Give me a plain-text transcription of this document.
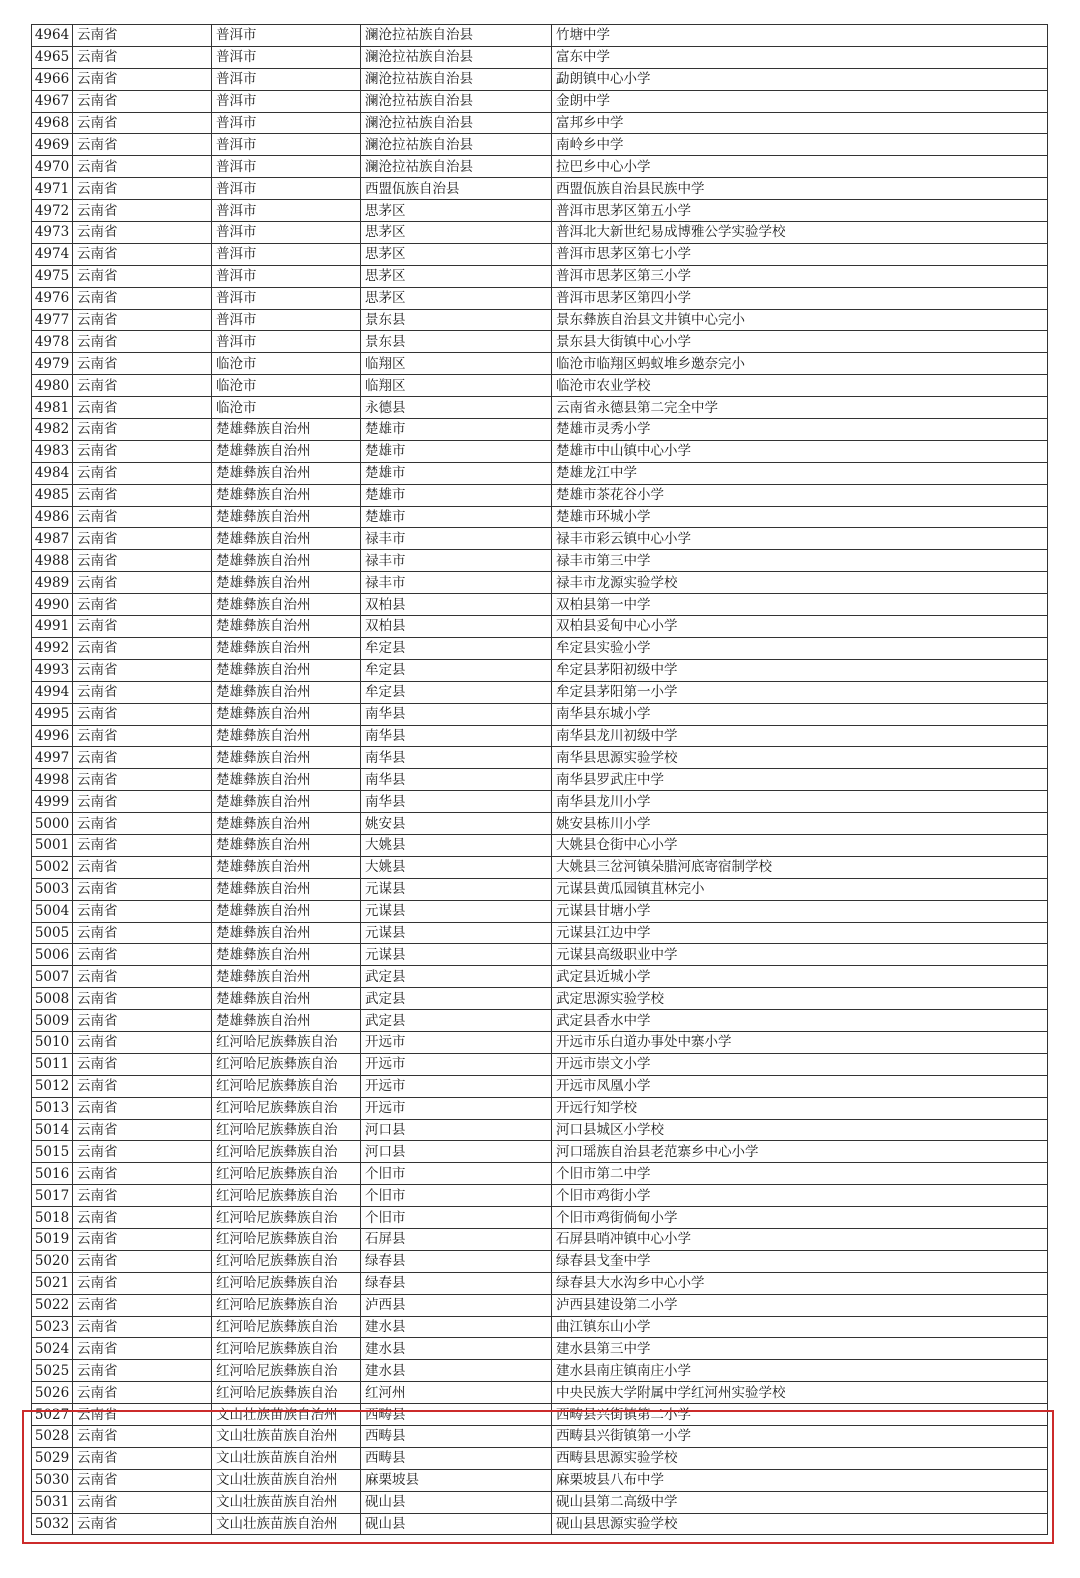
4964	云南省	普洱市	澜沧拉祜族自治县	竹塘中学
4965	云南省	普洱市	澜沧拉祜族自治县	富东中学
4966	云南省	普洱市	澜沧拉祜族自治县	勐朗镇中心小学
4967	云南省	普洱市	澜沧拉祜族自治县	金朗中学
4968	云南省	普洱市	澜沧拉祜族自治县	富邦乡中学
4969	云南省	普洱市	澜沧拉祜族自治县	南岭乡中学
4970	云南省	普洱市	澜沧拉祜族自治县	拉巴乡中心小学
4971	云南省	普洱市	西盟佤族自治县	西盟佤族自治县民族中学
4972	云南省	普洱市	思茅区	普洱市思茅区第五小学
4973	云南省	普洱市	思茅区	普洱北大新世纪易成博雅公学实验学校
4974	云南省	普洱市	思茅区	普洱市思茅区第七小学
4975	云南省	普洱市	思茅区	普洱市思茅区第三小学
4976	云南省	普洱市	思茅区	普洱市思茅区第四小学
4977	云南省	普洱市	景东县	景东彝族自治县文井镇中心完小
4978	云南省	普洱市	景东县	景东县大街镇中心小学
4979	云南省	临沧市	临翔区	临沧市临翔区蚂蚁堆乡邀奈完小
4980	云南省	临沧市	临翔区	临沧市农业学校
4981	云南省	临沧市	永德县	云南省永德县第二完全中学
4982	云南省	楚雄彝族自治州	楚雄市	楚雄市灵秀小学
4983	云南省	楚雄彝族自治州	楚雄市	楚雄市中山镇中心小学
4984	云南省	楚雄彝族自治州	楚雄市	楚雄龙江中学
4985	云南省	楚雄彝族自治州	楚雄市	楚雄市茶花谷小学
4986	云南省	楚雄彝族自治州	楚雄市	楚雄市环城小学
4987	云南省	楚雄彝族自治州	禄丰市	禄丰市彩云镇中心小学
4988	云南省	楚雄彝族自治州	禄丰市	禄丰市第三中学
4989	云南省	楚雄彝族自治州	禄丰市	禄丰市龙源实验学校
4990	云南省	楚雄彝族自治州	双柏县	双柏县第一中学
4991	云南省	楚雄彝族自治州	双柏县	双柏县妥甸中心小学
4992	云南省	楚雄彝族自治州	牟定县	牟定县实验小学
4993	云南省	楚雄彝族自治州	牟定县	牟定县茅阳初级中学
4994	云南省	楚雄彝族自治州	牟定县	牟定县茅阳第一小学
4995	云南省	楚雄彝族自治州	南华县	南华县东城小学
4996	云南省	楚雄彝族自治州	南华县	南华县龙川初级中学
4997	云南省	楚雄彝族自治州	南华县	南华县思源实验学校
4998	云南省	楚雄彝族自治州	南华县	南华县罗武庄中学
4999	云南省	楚雄彝族自治州	南华县	南华县龙川小学
5000	云南省	楚雄彝族自治州	姚安县	姚安县栋川小学
5001	云南省	楚雄彝族自治州	大姚县	大姚县仓街中心小学
5002	云南省	楚雄彝族自治州	大姚县	大姚县三岔河镇朵腊河底寄宿制学校
5003	云南省	楚雄彝族自治州	元谋县	元谋县黄瓜园镇苴林完小
5004	云南省	楚雄彝族自治州	元谋县	元谋县甘塘小学
5005	云南省	楚雄彝族自治州	元谋县	元谋县江边中学
5006	云南省	楚雄彝族自治州	元谋县	元谋县高级职业中学
5007	云南省	楚雄彝族自治州	武定县	武定县近城小学
5008	云南省	楚雄彝族自治州	武定县	武定思源实验学校
5009	云南省	楚雄彝族自治州	武定县	武定县香水中学
5010	云南省	红河哈尼族彝族自治	开远市	开远市乐白道办事处中寨小学
5011	云南省	红河哈尼族彝族自治	开远市	开远市崇文小学
5012	云南省	红河哈尼族彝族自治	开远市	开远市凤凰小学
5013	云南省	红河哈尼族彝族自治	开远市	开远行知学校
5014	云南省	红河哈尼族彝族自治	河口县	河口县城区小学校
5015	云南省	红河哈尼族彝族自治	河口县	河口瑶族自治县老范寨乡中心小学
5016	云南省	红河哈尼族彝族自治	个旧市	个旧市第二中学
5017	云南省	红河哈尼族彝族自治	个旧市	个旧市鸡街小学
5018	云南省	红河哈尼族彝族自治	个旧市	个旧市鸡街倘甸小学
5019	云南省	红河哈尼族彝族自治	石屏县	石屏县哨冲镇中心小学
5020	云南省	红河哈尼族彝族自治	绿春县	绿春县戈奎中学
5021	云南省	红河哈尼族彝族自治	绿春县	绿春县大水沟乡中心小学
5022	云南省	红河哈尼族彝族自治	泸西县	泸西县建设第二小学
5023	云南省	红河哈尼族彝族自治	建水县	曲江镇东山小学
5024	云南省	红河哈尼族彝族自治	建水县	建水县第三中学
5025	云南省	红河哈尼族彝族自治	建水县	建水县南庄镇南庄小学
5026	云南省	红河哈尼族彝族自治	红河州	中央民族大学附属中学红河州实验学校
5027	云南省	文山壮族苗族自治州	西畴县	西畴县兴街镇第二小学
5028	云南省	文山壮族苗族自治州	西畴县	西畴县兴街镇第一小学
5029	云南省	文山壮族苗族自治州	西畴县	西畴县思源实验学校
5030	云南省	文山壮族苗族自治州	麻栗坡县	麻栗坡县八布中学
5031	云南省	文山壮族苗族自治州	砚山县	砚山县第二高级中学
5032	云南省	文山壮族苗族自治州	砚山县	砚山县思源实验学校
